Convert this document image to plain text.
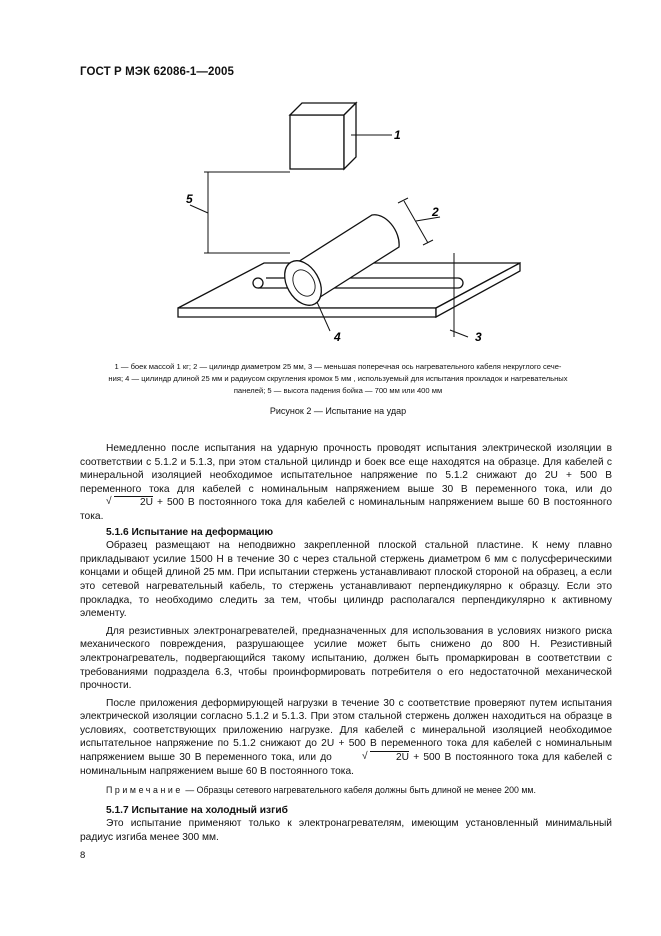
ГОСТ Р МЭК 62086-1—2005
1
2
3
4
5
1 — боек массой 1 кг; 2 — цилиндр диаметром 25 мм, 3 — меньшая поперечная ось нагревательного кабеля некруглого сече-
ния; 4 — цилиндр длиной 25 мм и радиусом скругления кромок 5 мм , используемый для испытания прокладок и нагревательных
панелей; 5 — высота падения бойка — 700 мм или 400 мм
Рисунок 2 — Испытание на удар

Немедленно после испытания на ударную прочность проводят испытания электрической изоляции в соответствии с 5.1.2 и 5.1.3, при этом стальной цилиндр и боек все еще находятся на образце. Для кабелей с минеральной изоляцией необходимое испытательное напряжение по 5.1.2 снижают до 2U + 500 В переменного тока для кабелей с номинальным напряжением выше 30 В переменного тока, или до √ 2U + 500 В постоянного тока для кабелей с номинальным напряжением выше 60 В постоянного тока.

5.1.6 Испытание на деформацию

Образец размещают на неподвижно закрепленной плоской стальной пластине. К нему плавно прикладывают усилие 1500 Н в течение 30 с через стальной стержень диаметром 6 мм с полусферическими концами и общей длиной 25 мм. При испытании стержень устанавливают плоской стороной на образец, а если это сетевой нагревательный кабель, то стержень устанавливают перпендикулярно к образцу. Если это прокладка, то необходимо следить за тем, чтобы цилиндр располагался перпендикулярно к активному элементу.

Для резистивных электронагревателей, предназначенных для использования в условиях низкого риска механического повреждения, разрушающее усилие может быть снижено до 800 Н. Резистивный электронагреватель, подвергающийся такому испытанию, должен быть промаркирован в соответствии с требованиями подраздела 6.3, чтобы проинформировать потребителя о его недостаточной механической прочности.

После приложения деформирующей нагрузки в течение 30 с соответствие проверяют путем испытания электрической изоляции согласно 5.1.2 и 5.1.3. При этом стальной стержень должен находиться на образце в условиях, соответствующих приложению нагрузке. Для кабелей с минеральной изоляцией необходимое испытательное напряжение по 5.1.2 снижают до 2U + 500 В переменного тока для кабелей с номинальным напряжением выше 30 В переменного тока, или до √	2U + 500 В постоянного тока для кабелей с номинальным напряжением выше 60 В постоянного тока.

Примечание — Образцы сетевого нагревательного кабеля должны быть длиной не менее 200 мм.

5.1.7 Испытание на холодный изгиб

Это испытание применяют только к электронагревателям, имеющим установленный минимальный радиус изгиба менее 300 мм.

8
